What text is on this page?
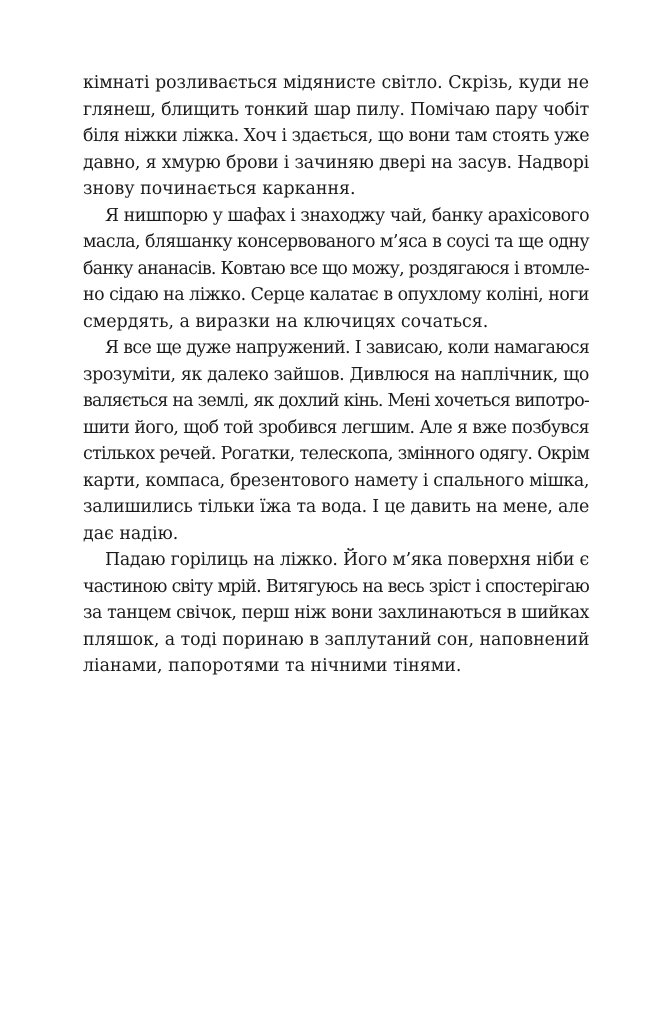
кімнаті розливається мідянисте світло. Скрізь, куди не
глянеш, блищить тонкий шар пилу. Помічаю пару чобіт
біля ніжки ліжка. Хоч і здається, що вони там стоять уже
давно, я хмурю брови і зачиняю двері на засув. Надворі
знову починається каркання.

Я нишпорю у шафах і знаходжу чай, банку арахісового
масла, бляшанку консервованого м’яса в соусі та ще одну
банку ананасів. Ковтаю все що можу, роздягаюся і втомле-
но сідаю на ліжко. Серце калатає в опухлому коліні, ноги
смердять, а виразки на ключицях сочаться.

Я все ще дуже напружений. І зависаю, коли намагаюся
зрозуміти, як далеко зайшов. Дивлюся на наплічник, що
валяється на землі, як дохлий кінь. Мені хочеться випотро-
шити його, щоб той зробився легшим. Але я вже позбувся
стількох речей. Рогатки, телескопа, змінного одягу. Окрім
карти, компаса, брезентового намету і спального мішка,
залишились тільки їжа та вода. І це давить на мене, але
дає надію.

Падаю горілиць на ліжко. Його м’яка поверхня ніби є
частиною світу мрій. Витягуюсь на весь зріст і спостерігаю
за танцем свічок, перш ніж вони захлинаються в шийках
пляшок, а тоді поринаю в заплутаний сон, наповнений
ліанами, папоротями та нічними тінями.
